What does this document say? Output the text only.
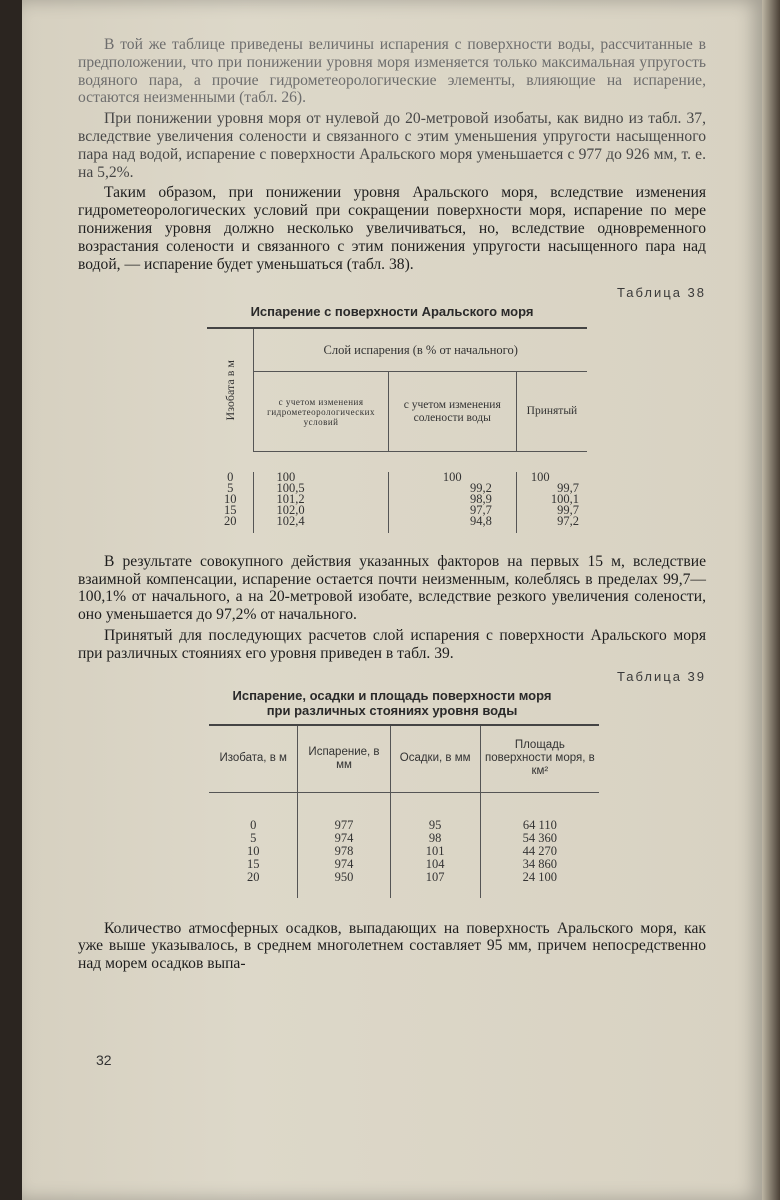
В той же таблице приведены величины испарения с поверхности воды, рассчитанные в предположении, что при понижении уровня моря изменяется только максимальная упругость водяного пара, а прочие гидрометеорологические элементы, влияющие на испарение, остаются неизменными (табл. 26).

При понижении уровня моря от нулевой до 20-метровой изобаты, как видно из табл. 37, вследствие увеличения солености и связанного с этим уменьшения упругости насыщенного пара над водой, испарение с поверхности Аральского моря уменьшается с 977 до 926 мм, т. е. на 5,2%.

Таким образом, при понижении уровня Аральского моря, вследствие изменения гидрометеорологических условий при сокращении поверхности моря, испарение по мере понижения уровня должно несколько увеличиваться, но, вследствие одновременного возрастания солености и связанного с этим понижения упругости насыщенного пара над водой, — испарение будет уменьшаться (табл. 38).

Таблица 38
Испарение с поверхности Аральского моря
Изобата в м	Слой испарения (в % от начального)		
	с учетом изменения гидрометеорологических условий	с учетом изменения солености воды	Принятый

0	100	100	100
5	100,5	99,2	99,7
10	101,2	98,9	100,1
15	102,0	97,7	99,7
20	102,4	94,8	97,2

В результате совокупного действия указанных факторов на первых 15 м, вследствие взаимной компенсации, испарение остается почти неизменным, колеблясь в пределах 99,7—100,1% от начального, а на 20-метровой изобате, вследствие резкого увеличения солености, оно уменьшается до 97,2% от начального.

Принятый для последующих расчетов слой испарения с поверхности Аральского моря при различных стояниях его уровня приведен в табл. 39.

Таблица 39
Испарение, осадки и площадь поверхности моря
при различных стояниях уровня воды
Изобата, в м	Испарение, в мм	Осадки, в мм	Площадь поверхности моря, в км²

0	977	95	64 110
5	974	98	54 360
10	978	101	44 270
15	974	104	34 860
20	950	107	24 100

Количество атмосферных осадков, выпадающих на поверхность Аральского моря, как уже выше указывалось, в среднем многолетнем составляет 95 мм, причем непосредственно над морем осадков выпа-

32
